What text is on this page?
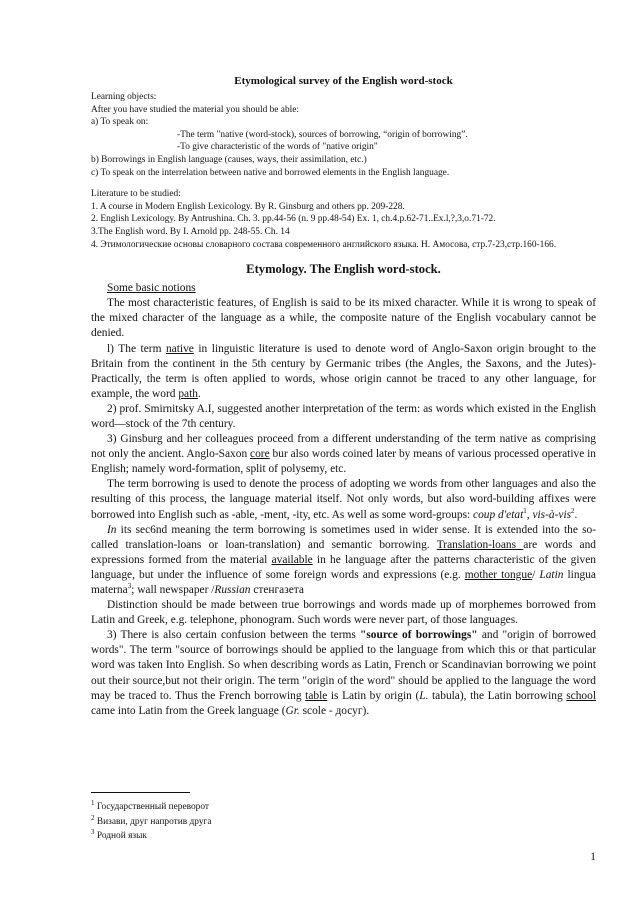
Etymological survey of the English word-stock

Learning objects:

After you have studied the material you should be able:

a) To speak on:

-The term "native (word-stock), sources of borrowing, “origin of borrowing”.

-To give characteristic of the words of "native origin"

b) Borrowings in English language (causes, ways, their assimilation, etc.)

c) To speak on the interrelation between native and borrowed elements in the English language.

Literature to be studied:

1. A course in Modern English Lexicology. By R. Ginsburg and others pp. 209-228.

2. English Lexicology. By Antrushina. Ch. 3. pp.44-56 (n. 9 pp.48-54) Ex. 1, ch.4.p.62-71..Ex.l,?,3,o.71-72.

3.The English word. By I. Arnold pp. 248-55. Ch. 14

4. Этимологические основы словарного состава современного английского языка. Н. Амосова, стр.7-23,стр.160-166.

Etymology. The English word-stock.

Some basic notions

The most characteristic features, of English is said to be its mixed character. While it is wrong to speak of the mixed character of the language as a while, the composite nature of the English vocabulary cannot be denied.

l) The term native in linguistic literature is used to denote word of Anglo-Saxon origin brought to the Britain from the continent in the 5th century by Germanic tribes (the Angles, the Saxons, and the Jutes)- Practically, the term is often applied to words, whose origin cannot be traced to any other language, for example, the word path.

2) prof. Smirnitsky A.I, suggested another interpretation of the term: as words which existed in the English word—stock of the 7th century.

3) Ginsburg and her colleagues proceed from a different understanding of the term native as comprising not only the ancient. Anglo-Saxon core bur also words coined later by means of various processed operative in English; namely word-formation, split of polysemy, etc.

The term borrowing is used to denote the process of adopting we words from other languages and also the resulting of this process, the language material itself. Not only words, but also word-building affixes were borrowed into English such as -able, -ment, -ity, etc. As well as some word-groups: coup d'etat$^1$, vis-à-vis$^2$.

In its sec6nd meaning the term borrowing is sometimes used in wider sense. It is extended into the so-called translation-loans or loan-translation) and semantic borrowing. Translation-loans are words and expressions formed from the material available in he language after the patterns characteristic of the given language, but under the influence of some foreign words and expressions (e.g. mother tongue/ Latin lingua materna$^3$; wall newspaper /Russian стенгазета

Distinction should be made between true borrowings and words made up of morphemes borrowed from Latin and Greek, e.g. telephone, phonogram. Such words were never part, of those languages.

3) There is also certain confusion between the terms "source of borrowings" and "origin of borrowed words". The term "source of borrowings should be applied to the language from which this or that particular word was taken Into English. So when describing words as Latin, French or Scandinavian borrowing we point out their source,but not their origin. The term "origin of the word" should be applied to the language the word may be traced to. Thus the French borrowing table is Latin by origin (L. tabula), the Latin borrowing school came into Latin from the Greek language (Gr. scole - досуг).

$^1$ Государственный переворот

$^2$ Визави, друг напротив друга

$^3$ Родной язык

1
